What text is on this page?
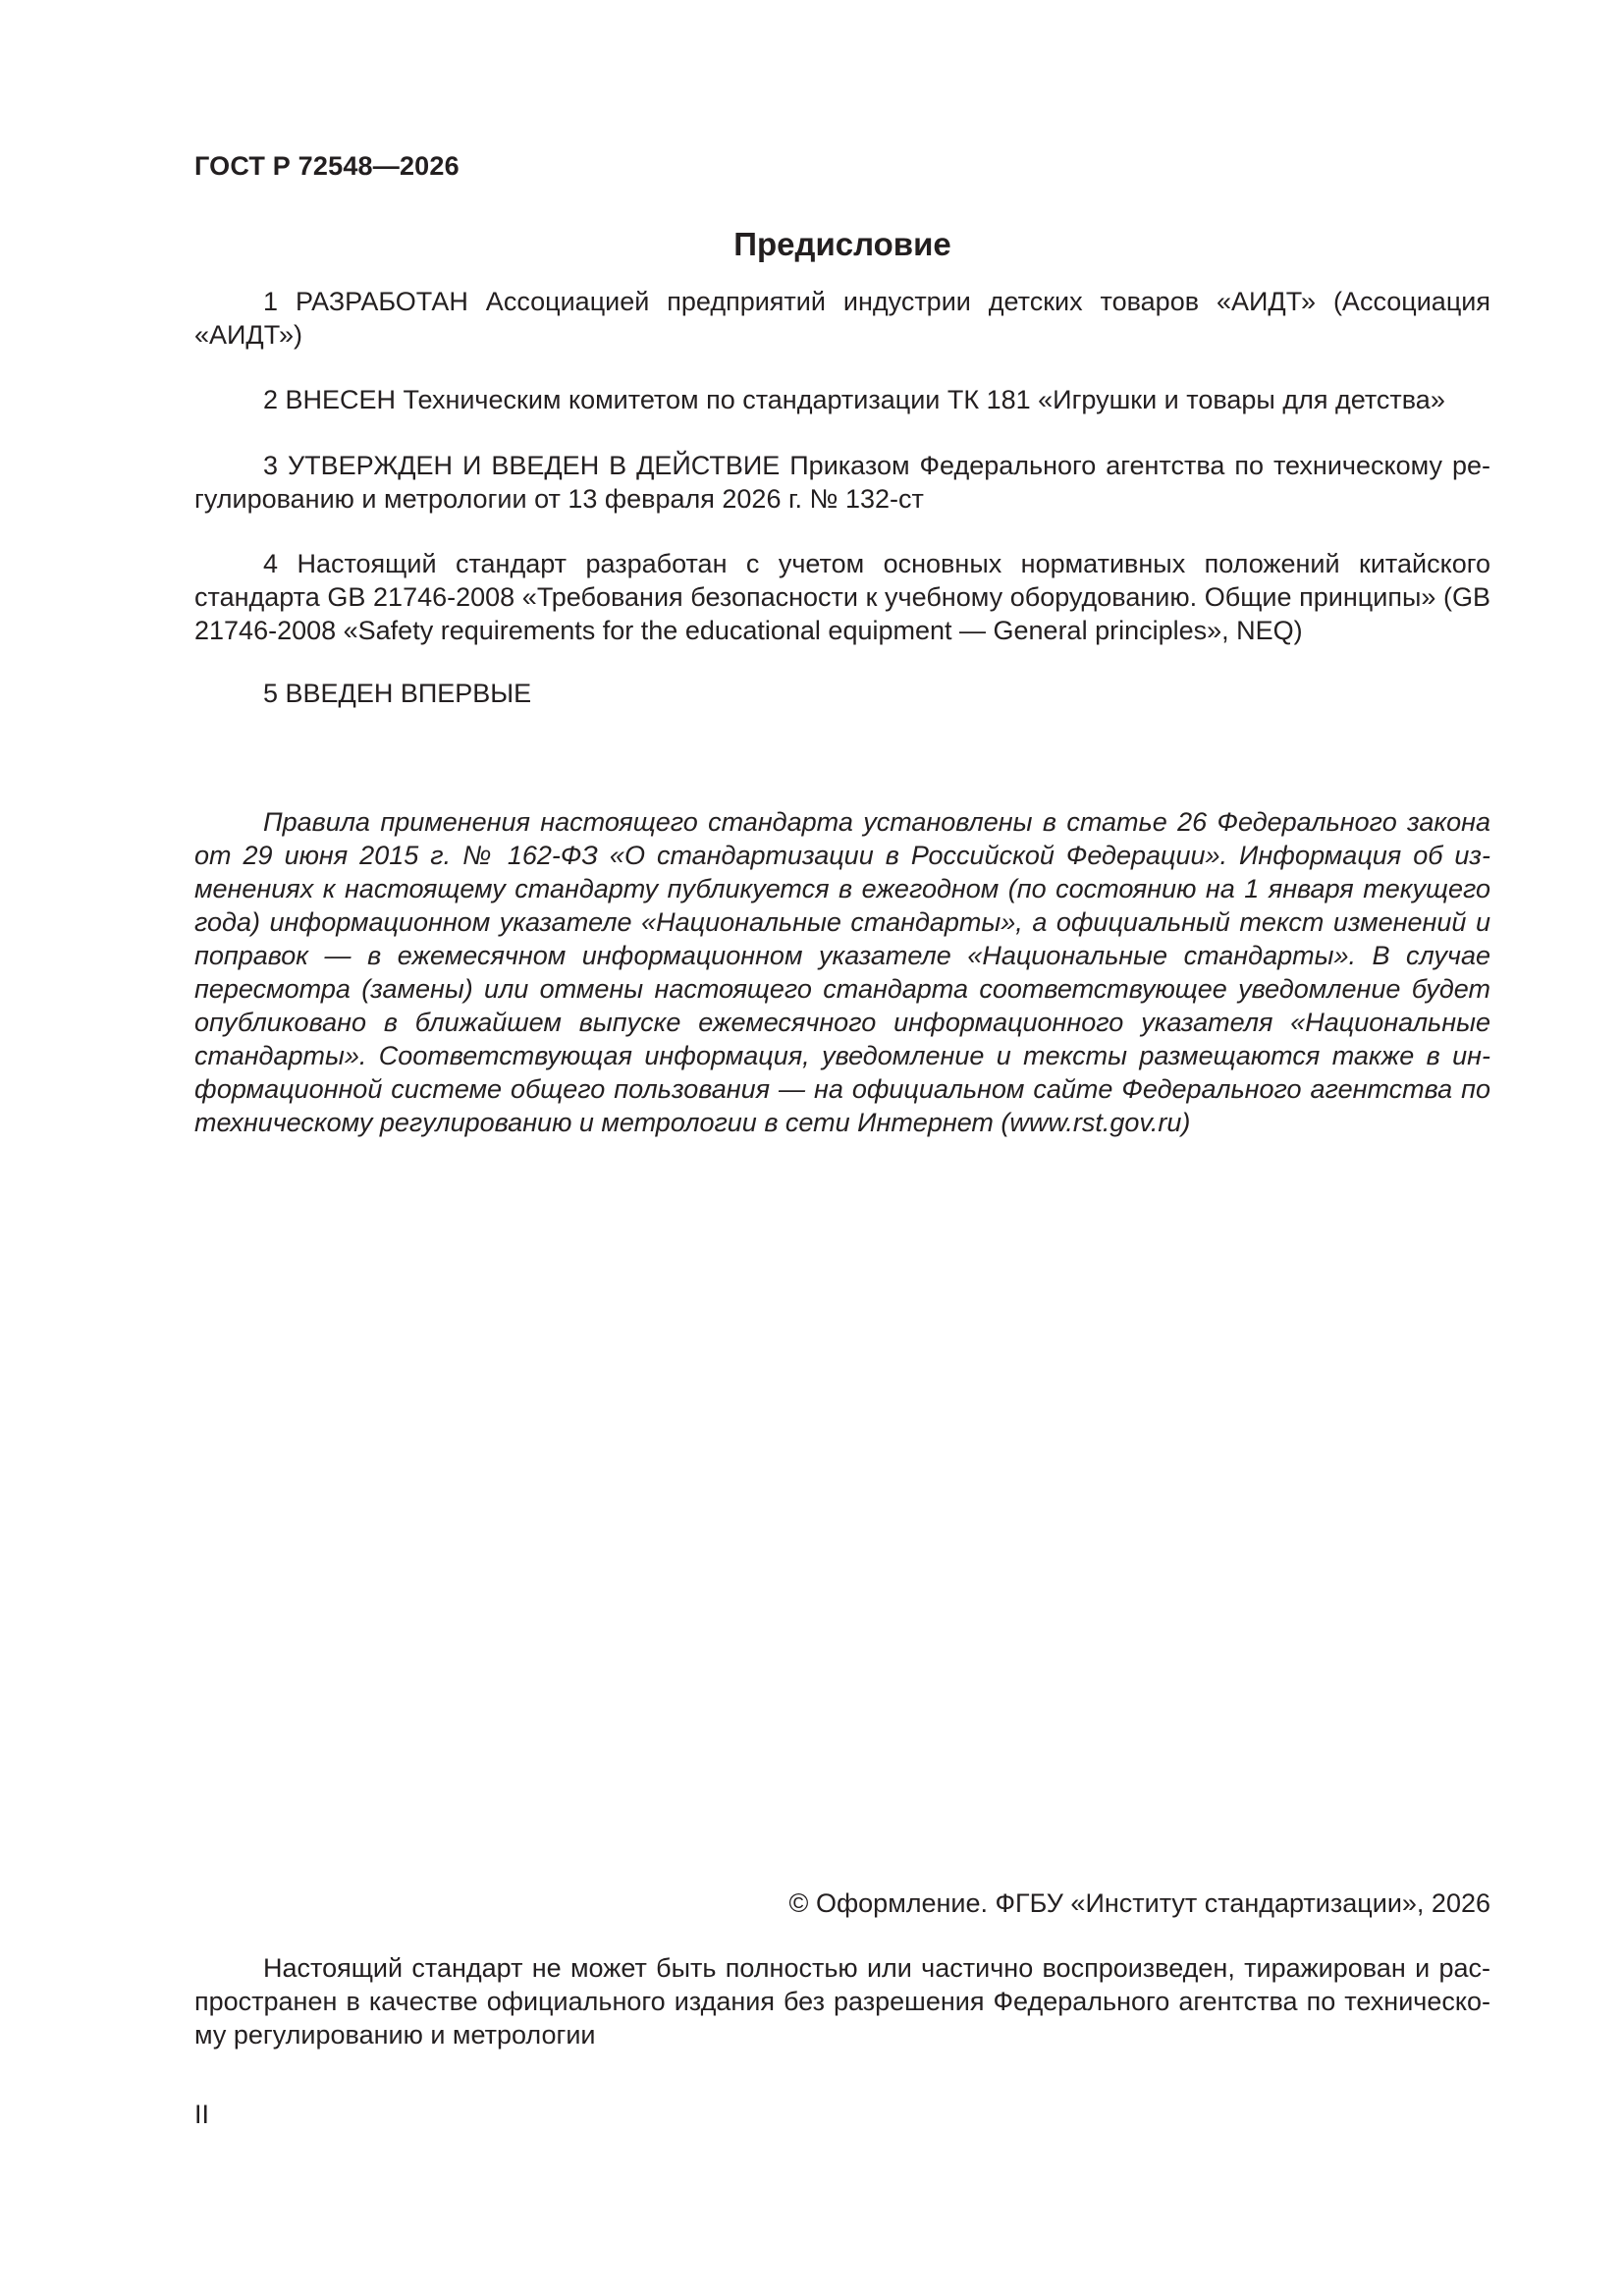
ГОСТ Р 72548—2026
Предисловие

1 РАЗРАБОТАН Ассоциацией предприятий индустрии детских товаров «АИДТ» (Ассоциация «АИДТ»)

2 ВНЕСЕН Техническим комитетом по стандартизации ТК 181 «Игрушки и товары для детства»

3 УТВЕРЖДЕН И ВВЕДЕН В ДЕЙСТВИЕ Приказом Федерального агентства по техническому регулированию и метрологии от 13 февраля 2026 г. № 132-ст

4 Настоящий стандарт разработан с учетом основных нормативных положений китайского стандарта GB 21746-2008 «Требования безопасности к учебному оборудованию. Общие принципы» (GB 21746-2008 «Safety requirements for the educational equipment — General principles», NEQ)

5 ВВЕДЕН ВПЕРВЫЕ

Правила применения настоящего стандарта установлены в статье 26 Федерального закона от 29 июня 2015 г. № 162-ФЗ «О стандартизации в Российской Федерации». Информация об изменениях к настоящему стандарту публикуется в ежегодном (по состоянию на 1 января текущего года) информационном указателе «Национальные стандарты», а официальный текст изменений и поправок — в ежемесячном информационном указателе «Национальные стандарты». В случае пересмотра (замены) или отмены настоящего стандарта соответствующее уведомление будет опубликовано в ближайшем выпуске ежемесячного информационного указателя «Национальные стандарты». Соответствующая информация, уведомление и тексты размещаются также в информационной системе общего пользования — на официальном сайте Федерального агентства по техническому регулированию и метрологии в сети Интернет (www.rst.gov.ru)

© Оформление. ФГБУ «Институт стандартизации», 2026

Настоящий стандарт не может быть полностью или частично воспроизведен, тиражирован и распространен в качестве официального издания без разрешения Федерального агентства по техническому регулированию и метрологии

II
